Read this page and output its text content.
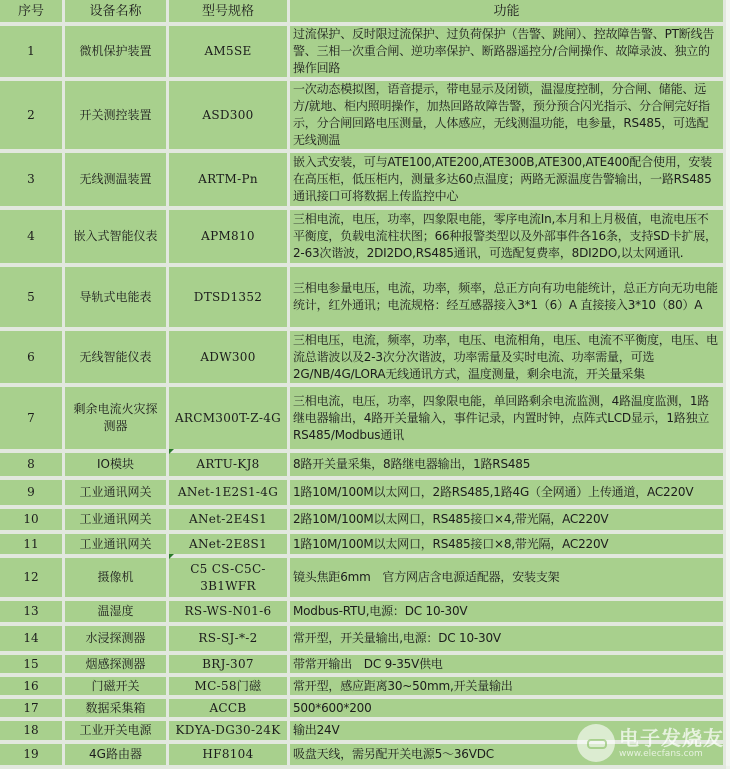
序号	设备名称	型号规格	功能
1	微机保护装置	AM5SE	过流保护、反时限过流保护、过负荷保护（告警、跳闸）、控故障告警、PT断线告警、三相一次重合闸、逆功率保护、断路器遥控分/合闸操作、故障录波、独立的操作回路
2	开关测控装置	ASD300	一次动态模拟图，语音提示，带电显示及闭锁，温湿度控制，分合闸、储能、远方/就地、柜内照明操作，加热回路故障告警，预分预合闪光指示、分合闸完好指示，分合闸回路电压测量，人体感应，无线测温功能，电参量，RS485，可选配无线测温
3	无线测温装置	ARTM-Pn	嵌入式安装，可与ATE100,ATE200,ATE300B,ATE300,ATE400配合使用，安装在高压柜，低压柜内，测量多达60点温度；两路无源温度告警输出，一路RS485通讯接口可将数据上传监控中心
4	嵌入式智能仪表	APM810	三相电流，电压，功率，四象限电能，零序电流In,本月和上月极值，电流电压不平衡度，负载电流柱状图；66种报警类型以及外部事件各16条，支持SD卡扩展，2-63次谐波，2DI2DO,RS485通讯，可选配复费率，8DI2DO,以太网通讯.
5	导轨式电能表	DTSD1352	三相电参量电压，电流，功率，频率，总正方向有功电能统计，总正方向无功电能统计，红外通讯；电流规格：经互感器接入3*1（6）A 直接接入3*10（80）A
6	无线智能仪表	ADW300	三相电压，电流，频率，功率，电压、电流相角，电压、电流不平衡度，电压、电流总谐波以及2-3次分次谐波，功率需量及实时电流、功率需量，可选2G/NB/4G/LORA无线通讯方式，温度测量，剩余电流，开关量采集
7	剩余电流火灾探测器	ARCM300T-Z-4G	三相电流，电压，功率，四象限电能，单回路剩余电流监测，4路温度监测，1路继电器输出，4路开关量输入，事件记录，内置时钟，点阵式LCD显示，1路独立RS485/Modbus通讯
8	IO模块	ARTU-KJ8	8路开关量采集，8路继电器输出，1路RS485
9	工业通讯网关	ANet-1E2S1-4G	1路10M/100M以太网口，2路RS485,1路4G（全网通）上传通道，AC220V
10	工业通讯网关	ANet-2E4S1	2路10M/100M以太网口，RS485接口×4,带光隔，AC220V
11	工业通讯网关	ANet-2E8S1	1路10M/100M以太网口，RS485接口×8,带光隔，AC220V
12	摄像机	C5 CS-C5C-3B1WFR	镜头焦距6mm　官方网店含电源适配器，安装支架
13	温湿度	RS-WS-N01-6	Modbus-RTU,电源：DC 10-30V
14	水浸探测器	RS-SJ-*-2	常开型，开关量输出,电源：DC 10-30V
15	烟感探测器	BRJ-307	带常开输出　DC 9-35V供电
16	门磁开关	MC-58门磁	常开型，感应距离30~50mm,开关量输出
17	数据采集箱	ACCB	500*600*200
18	工业开关电源	KDYA-DG30-24K	输出24V
19	4G路由器	HF8104	吸盘天线，需另配开关电源5～36VDC
电子发烧友
www.elecfans.com
